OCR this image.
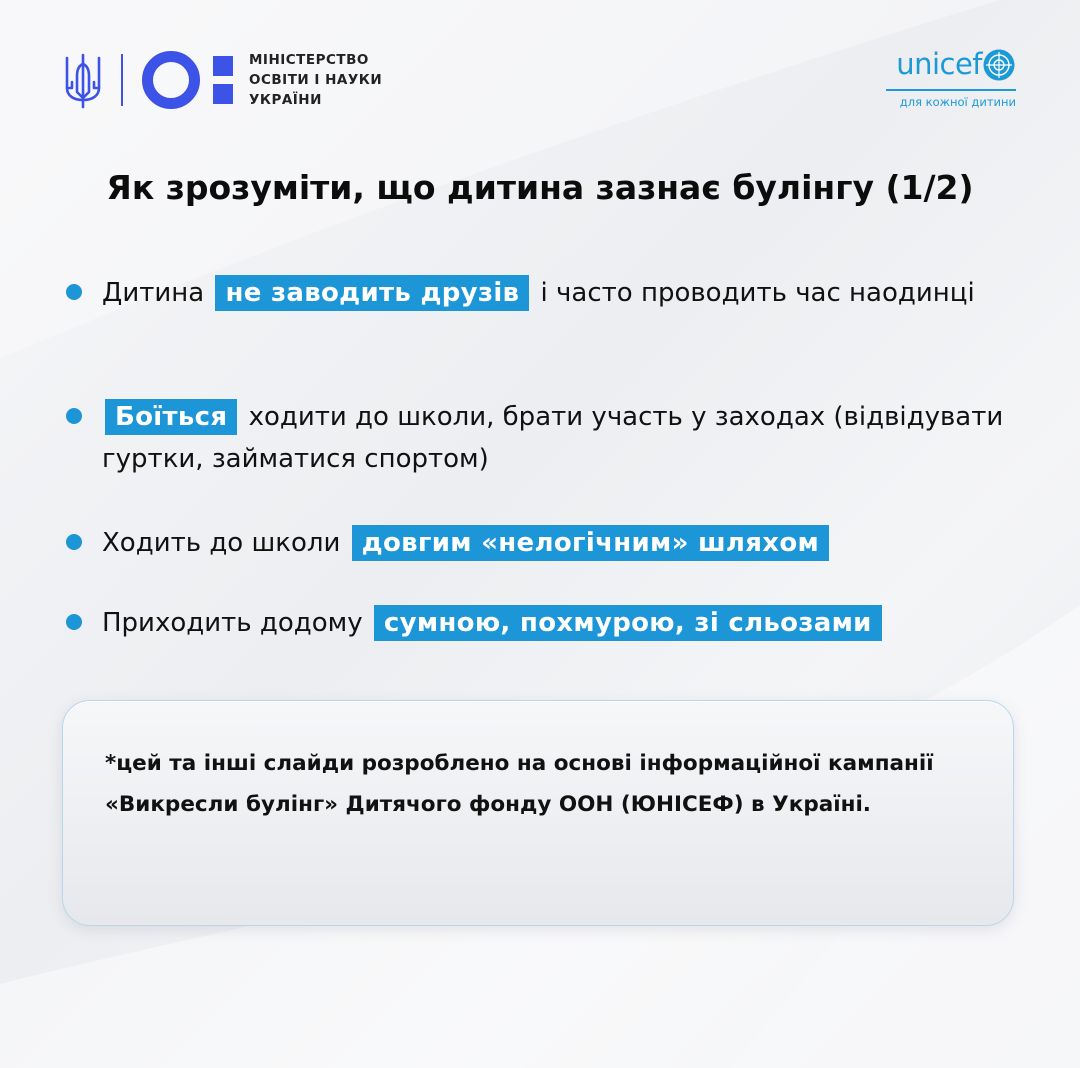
МІНІСТЕРСТВО
ОСВІТИ І НАУКИ
УКРАЇНИ
unicef
для кожної дитини
Як зрозуміти, що дитина зазнає булінгу (1/2)
Дитина не заводить друзів і часто проводить час наодинці
Боїться ходити до школи, брати участь у заходах (відвідувати гуртки, займатися спортом)
Ходить до школи довгим «нелогічним» шляхом
Приходить додому сумною, похмурою, зі сльозами
*цей та інші слайди розроблено на основі інформаційної кампанії «Викресли булінг» Дитячого фонду ООН (ЮНІСЕФ) в Україні.
